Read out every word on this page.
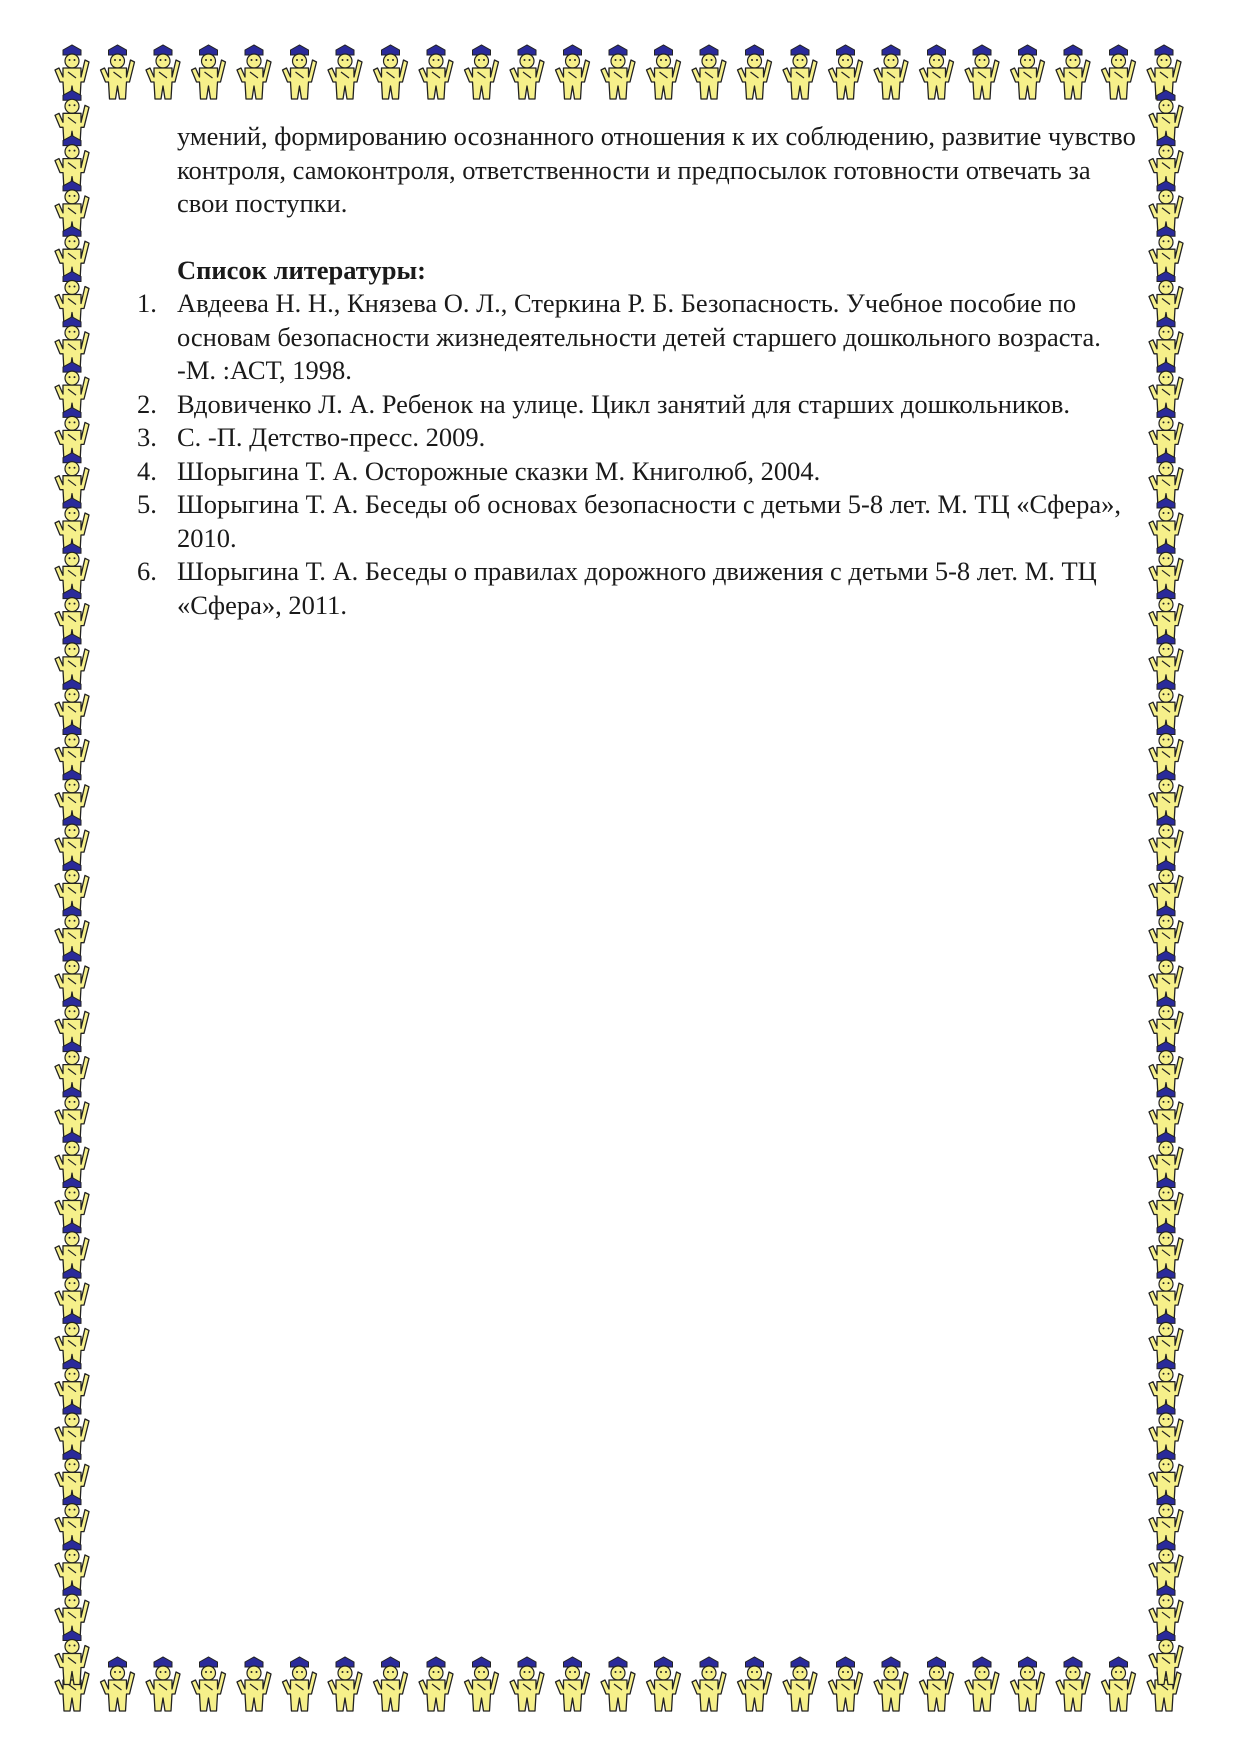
умений, формированию осознанного отношения к их соблюдению, развитие чувство контроля, самоконтроля, ответственности и предпосылок готовности отвечать за свои поступки.

Список литературы:
1. Авдеева Н. Н., Князева О. Л., Стеркина Р. Б. Безопасность. Учебное пособие по основам безопасности жизнедеятельности детей старшего дошкольного возраста. -М. :АСТ, 1998.
2. Вдовиченко Л. А. Ребенок на улице. Цикл занятий для старших дошкольников.
3. С. -П. Детство-пресс. 2009.
4. Шорыгина Т. А. Осторожные сказки М. Книголюб, 2004.
5. Шорыгина Т. А. Беседы об основах безопасности с детьми 5-8 лет. М. ТЦ «Сфера», 2010.
6. Шорыгина Т. А. Беседы о правилах дорожного движения с детьми 5-8 лет. М. ТЦ «Сфера», 2011.
